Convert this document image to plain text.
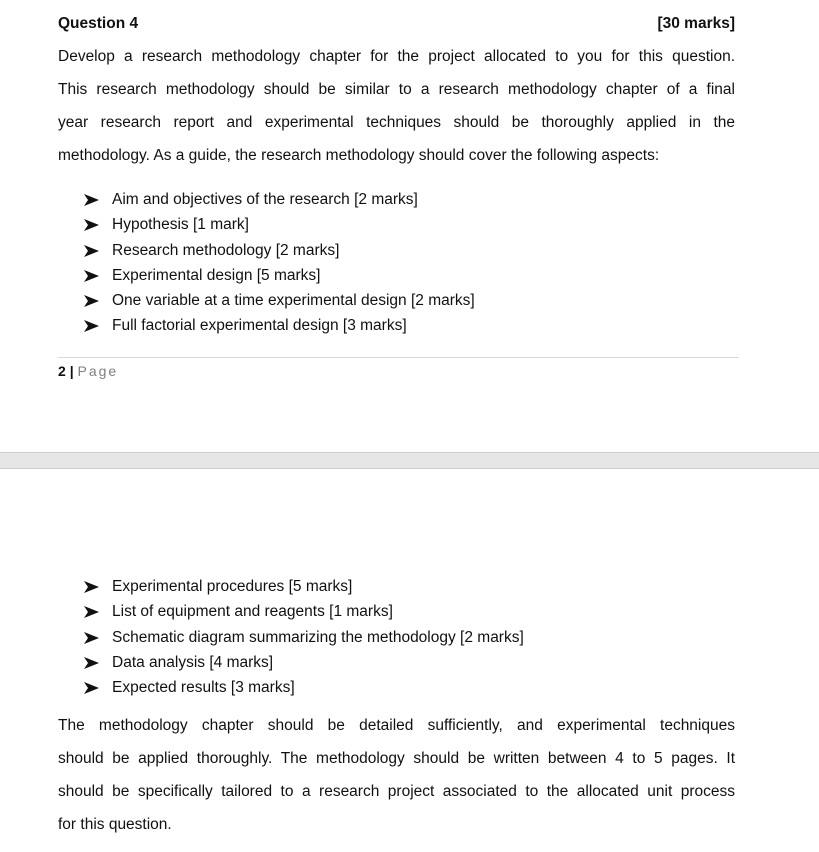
Question 4	[30 marks]
Develop a research methodology chapter for the project allocated to you for this question.
This research methodology should be similar to a research methodology chapter of a final
year research report and experimental techniques should be thoroughly applied in the
methodology. As a guide, the research methodology should cover the following aspects:
Aim and objectives of the research [2 marks]
Hypothesis [1 mark]
Research methodology [2 marks]
Experimental design [5 marks]
One variable at a time experimental design [2 marks]
Full factorial experimental design [3 marks]
2 | Page
Experimental procedures [5 marks]
List of equipment and reagents [1 marks]
Schematic diagram summarizing the methodology [2 marks]
Data analysis [4 marks]
Expected results [3 marks]
The methodology chapter should be detailed sufficiently, and experimental techniques
should be applied thoroughly. The methodology should be written between 4 to 5 pages. It
should be specifically tailored to a research project associated to the allocated unit process
for this question.
